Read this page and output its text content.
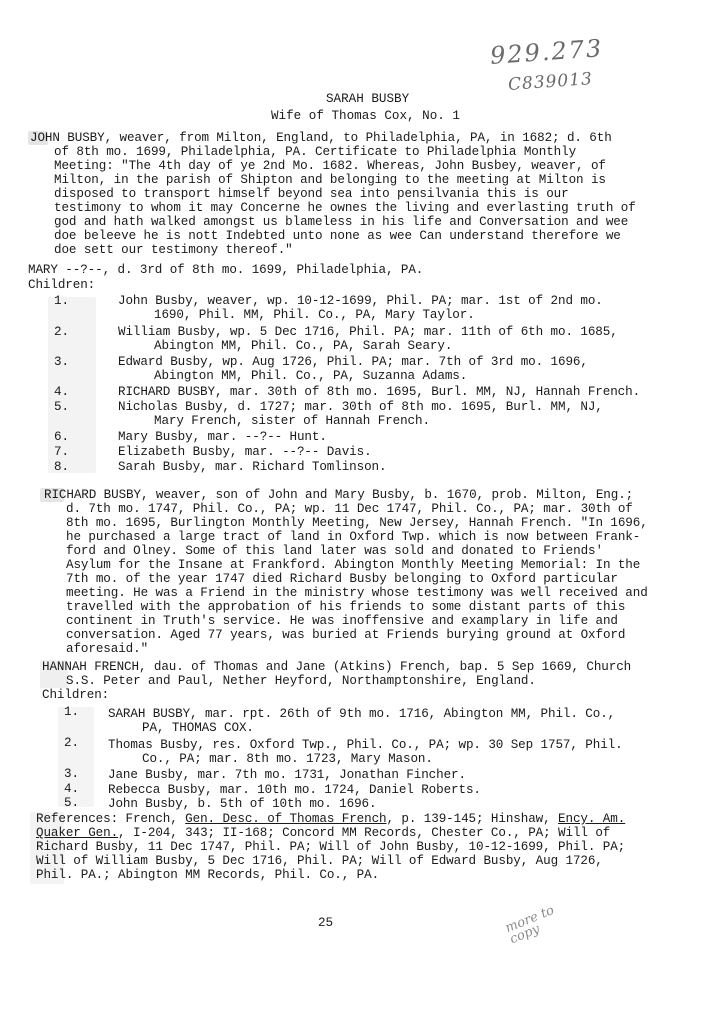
929.273
C839013
SARAH BUSBY
Wife of Thomas Cox, No. 1
JOHN BUSBY, weaver, from Milton, England, to Philadelphia, PA, in 1682; d. 6th
of 8th mo. 1699, Philadelphia, PA. Certificate to Philadelphia Monthly
Meeting: "The 4th day of ye 2nd Mo. 1682. Whereas, John Busbey, weaver, of
Milton, in the parish of Shipton and belonging to the meeting at Milton is
disposed to transport himself beyond sea into pensilvania this is our
testimony to whom it may Concerne he ownes the living and everlasting truth of
god and hath walked amongst us blameless in his life and Conversation and wee
doe beleeve he is nott Indebted unto none as wee Can understand therefore we
doe sett our testimony thereof."
MARY --?--, d. 3rd of 8th mo. 1699, Philadelphia, PA.
Children:
1.	John Busby, weaver, wp. 10-12-1699, Phil. PA; mar. 1st of 2nd mo.
1690, Phil. MM, Phil. Co., PA, Mary Taylor.
2.	William Busby, wp. 5 Dec 1716, Phil. PA; mar. 11th of 6th mo. 1685,
Abington MM, Phil. Co., PA, Sarah Seary.
3.	Edward Busby, wp. Aug 1726, Phil. PA; mar. 7th of 3rd mo. 1696,
Abington MM, Phil. Co., PA, Suzanna Adams.
4.	RICHARD BUSBY, mar. 30th of 8th mo. 1695, Burl. MM, NJ, Hannah French.
5.	Nicholas Busby, d. 1727; mar. 30th of 8th mo. 1695, Burl. MM, NJ,
Mary French, sister of Hannah French.
6.	Mary Busby, mar. --?-- Hunt.
7.	Elizabeth Busby, mar. --?-- Davis.
8.	Sarah Busby, mar. Richard Tomlinson.
RICHARD BUSBY, weaver, son of John and Mary Busby, b. 1670, prob. Milton, Eng.;
d. 7th mo. 1747, Phil. Co., PA; wp. 11 Dec 1747, Phil. Co., PA; mar. 30th of
8th mo. 1695, Burlington Monthly Meeting, New Jersey, Hannah French. "In 1696,
he purchased a large tract of land in Oxford Twp. which is now between Frank-
ford and Olney. Some of this land later was sold and donated to Friends'
Asylum for the Insane at Frankford. Abington Monthly Meeting Memorial: In the
7th mo. of the year 1747 died Richard Busby belonging to Oxford particular
meeting. He was a Friend in the ministry whose testimony was well received and
travelled with the approbation of his friends to some distant parts of this
continent in Truth's service. He was inoffensive and examplary in life and
conversation. Aged 77 years, was buried at Friends burying ground at Oxford
aforesaid."
HANNAH FRENCH, dau. of Thomas and Jane (Atkins) French, bap. 5 Sep 1669, Church
S.S. Peter and Paul, Nether Heyford, Northamptonshire, England.
Children:
1. SARAH BUSBY, mar. rpt. 26th of 9th mo. 1716, Abington MM, Phil. Co.,
PA, THOMAS COX.
2. Thomas Busby, res. Oxford Twp., Phil. Co., PA; wp. 30 Sep 1757, Phil.
Co., PA; mar. 8th mo. 1723, Mary Mason.
3. Jane Busby, mar. 7th mo. 1731, Jonathan Fincher.
4. Rebecca Busby, mar. 10th mo. 1724, Daniel Roberts.
5. John Busby, b. 5th of 10th mo. 1696.
References: French, Gen. Desc. of Thomas French, p. 139-145; Hinshaw, Ency. Am.
Quaker Gen., I-204, 343; II-168; Concord MM Records, Chester Co., PA; Will of
Richard Busby, 11 Dec 1747, Phil. PA; Will of John Busby, 10-12-1699, Phil. PA;
Will of William Busby, 5 Dec 1716, Phil. PA; Will of Edward Busby, Aug 1726,
Phil. PA.; Abington MM Records, Phil. Co., PA.
25	more to copy
